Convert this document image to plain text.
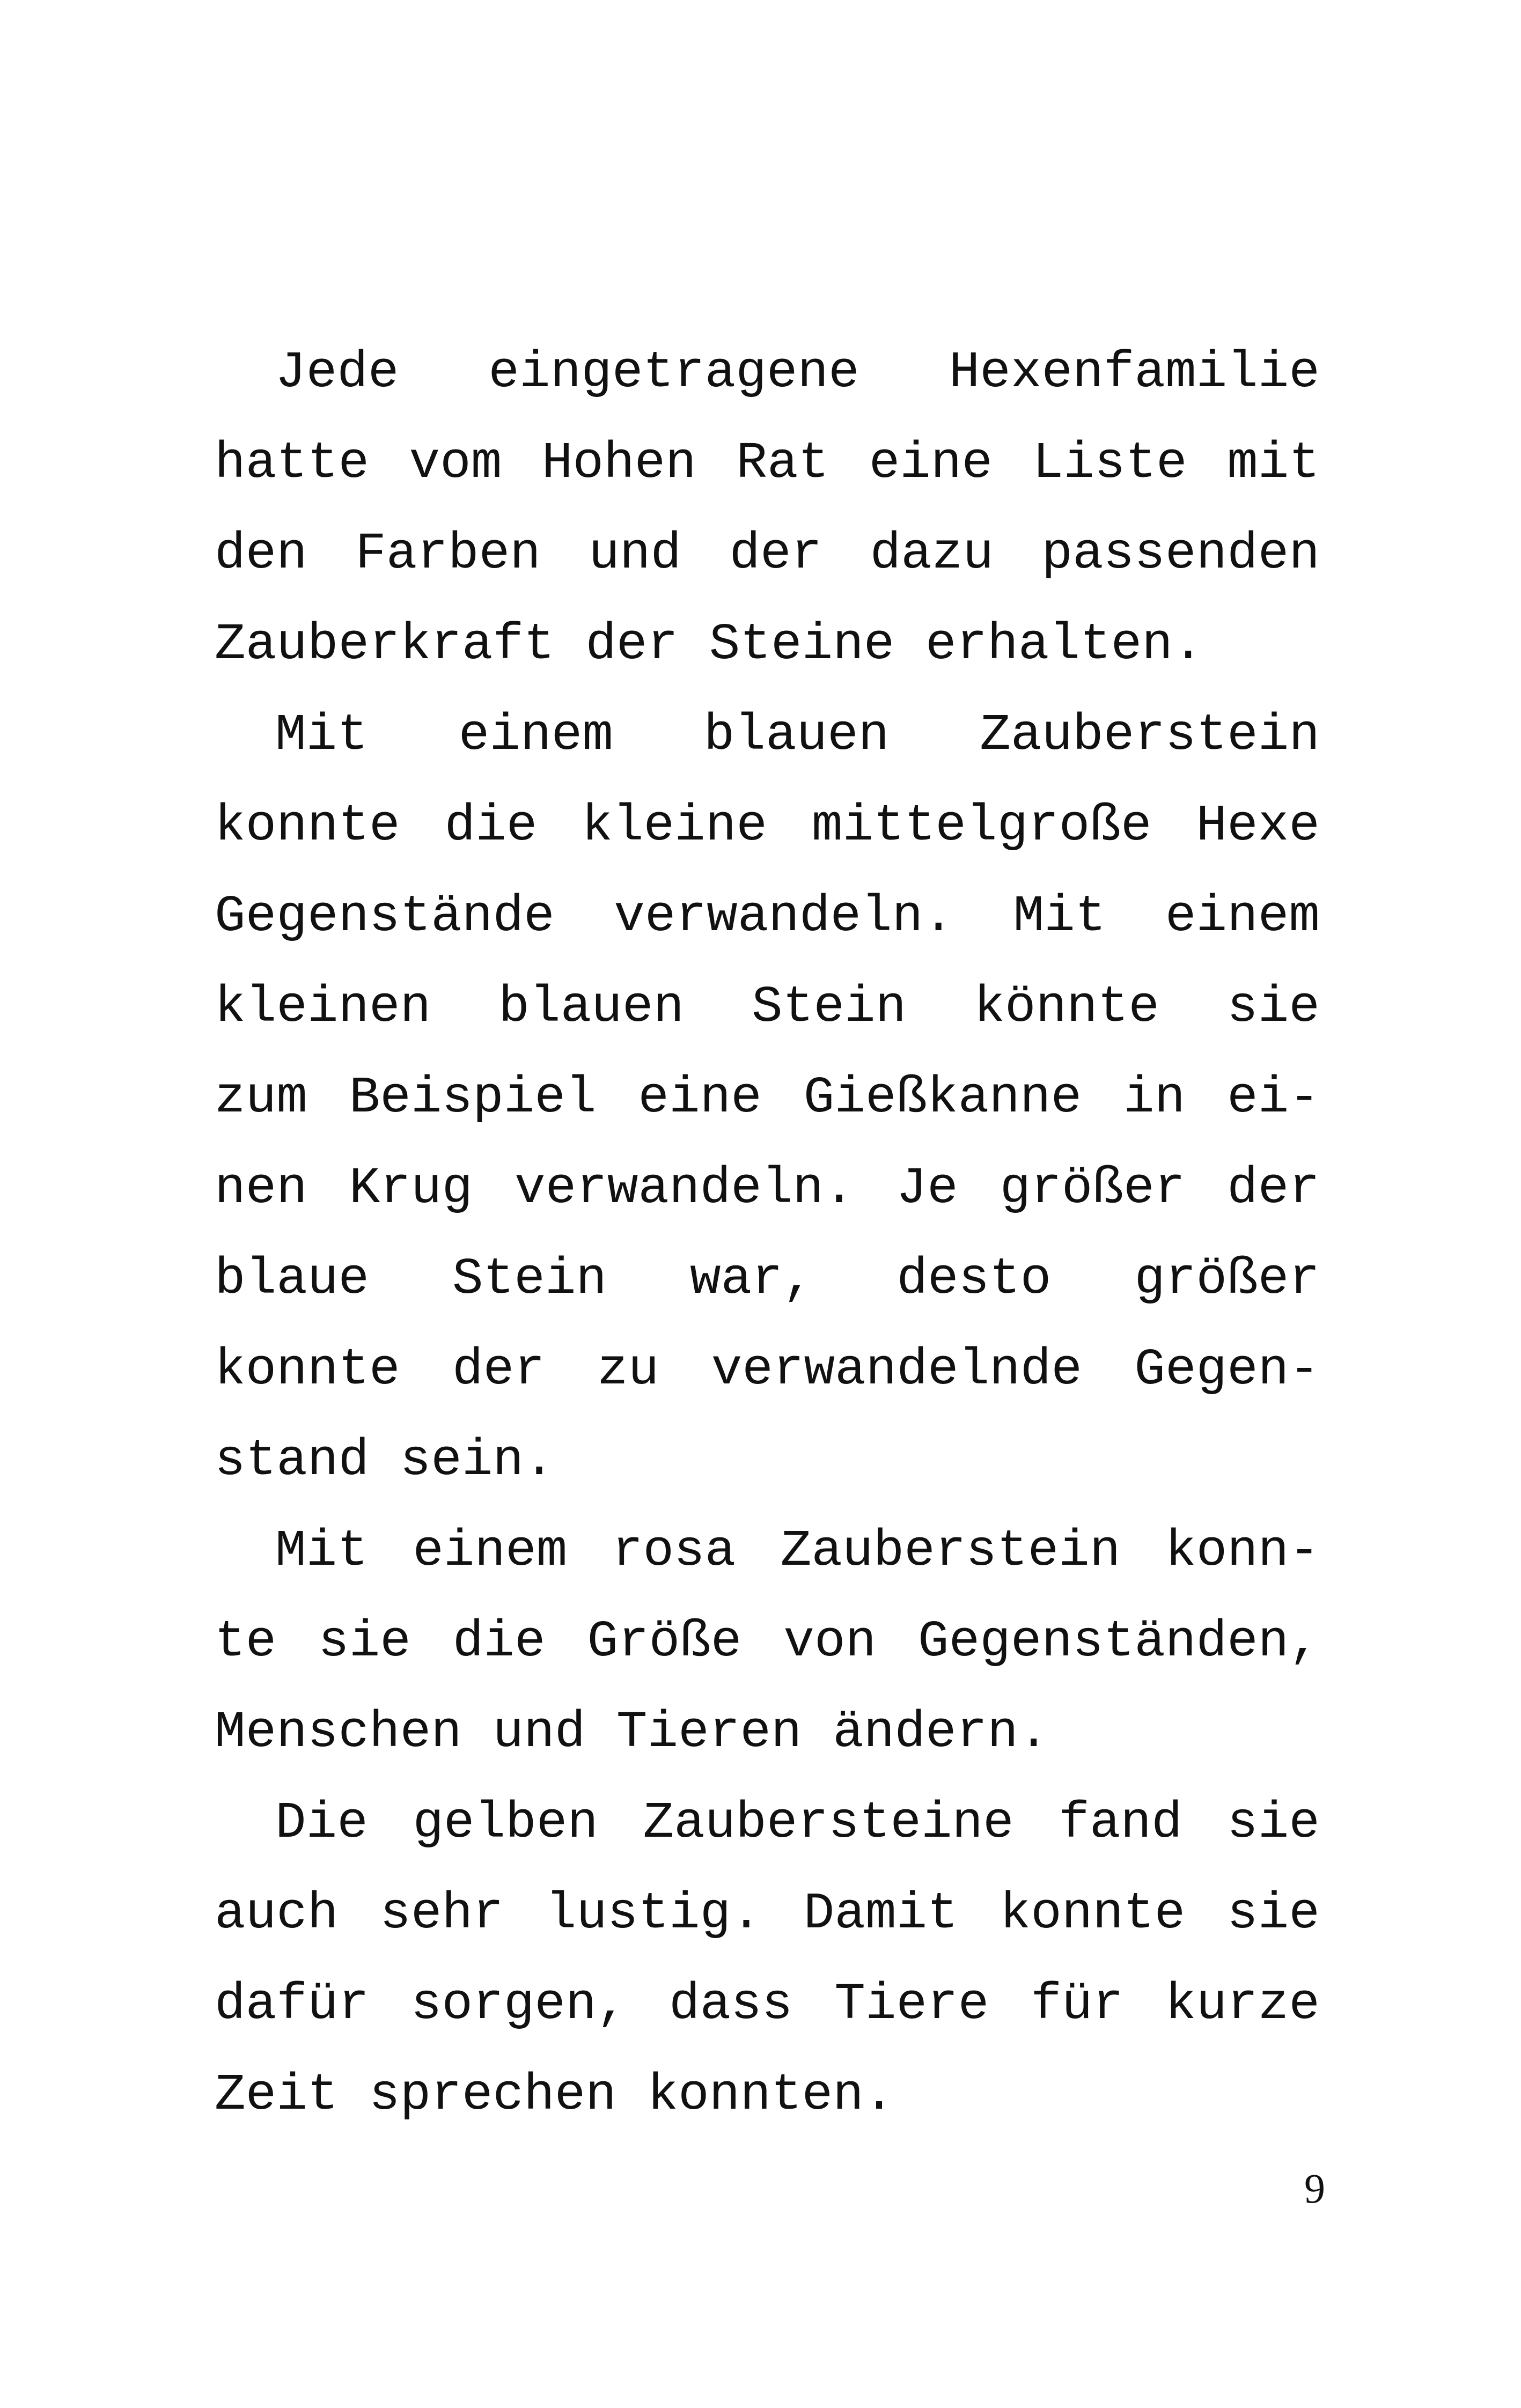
Jede eingetragene Hexenfamilie
hatte vom Hohen Rat eine Liste mit
den Farben und der dazu passenden
Zauberkraft der Steine erhalten.
Mit einem blauen Zauberstein
konnte die kleine mittelgroße Hexe
Gegenstände verwandeln. Mit einem
kleinen blauen Stein könnte sie
zum Beispiel eine Gießkanne in ei-
nen Krug verwandeln. Je größer der
blaue Stein war, desto größer
konnte der zu verwandelnde Gegen-
stand sein.
Mit einem rosa Zauberstein konn-
te sie die Größe von Gegenständen,
Menschen und Tieren ändern.
Die gelben Zaubersteine fand sie
auch sehr lustig. Damit konnte sie
dafür sorgen, dass Tiere für kurze
Zeit sprechen konnten.
9
